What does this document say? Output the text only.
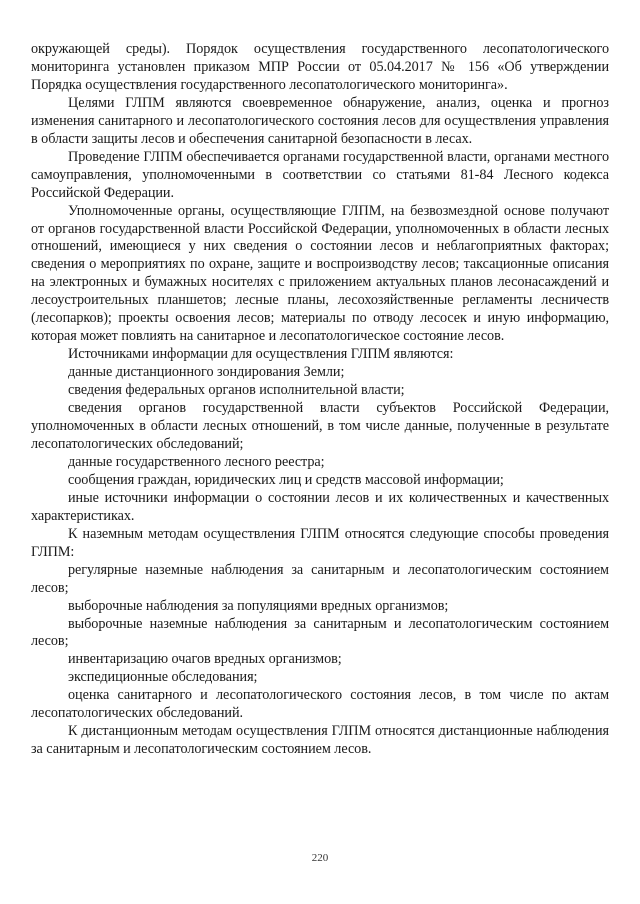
окружающей среды). Порядок осуществления государственного лесопатологического мониторинга установлен приказом МПР России от 05.04.2017 № 156 «Об утверждении Порядка осуществления государственного лесопатологического мониторинга».

Целями ГЛПМ являются своевременное обнаружение, анализ, оценка и прогноз изменения санитарного и лесопатологического состояния лесов для осуществления управления в области защиты лесов и обеспечения санитарной безопасности в лесах.

Проведение ГЛПМ обеспечивается органами государственной власти, органами местного самоуправления, уполномоченными в соответствии со статьями 81-84 Лесного кодекса Российской Федерации.

Уполномоченные органы, осуществляющие ГЛПМ, на безвозмездной основе получают от органов государственной власти Российской Федерации, уполномоченных в области лесных отношений, имеющиеся у них сведения о состоянии лесов и неблагоприятных факторах; сведения о мероприятиях по охране, защите и воспроизводству лесов; таксационные описания на электронных и бумажных носителях с приложением актуальных планов лесонасаждений и лесоустроительных планшетов; лесные планы, лесохозяйственные регламенты лесничеств (лесопарков); проекты освоения лесов; материалы по отводу лесосек и иную информацию, которая может повлиять на санитарное и лесопатологическое состояние лесов.

Источниками информации для осуществления ГЛПМ являются:

данные дистанционного зондирования Земли;

сведения федеральных органов исполнительной власти;

сведения органов государственной власти субъектов Российской Федерации, уполномоченных в области лесных отношений, в том числе данные, полученные в результате лесопатологических обследований;

данные государственного лесного реестра;

сообщения граждан, юридических лиц и средств массовой информации;

иные источники информации о состоянии лесов и их количественных и качественных характеристиках.

К наземным методам осуществления ГЛПМ относятся следующие способы проведения ГЛПМ:

регулярные наземные наблюдения за санитарным и лесопатологическим состоянием лесов;

выборочные наблюдения за популяциями вредных организмов;

выборочные наземные наблюдения за санитарным и лесопатологическим состоянием лесов;

инвентаризацию очагов вредных организмов;

экспедиционные обследования;

оценка санитарного и лесопатологического состояния лесов, в том числе по актам лесопатологических обследований.

К дистанционным методам осуществления ГЛПМ относятся дистанционные наблюдения за санитарным и лесопатологическим состоянием лесов.

220
